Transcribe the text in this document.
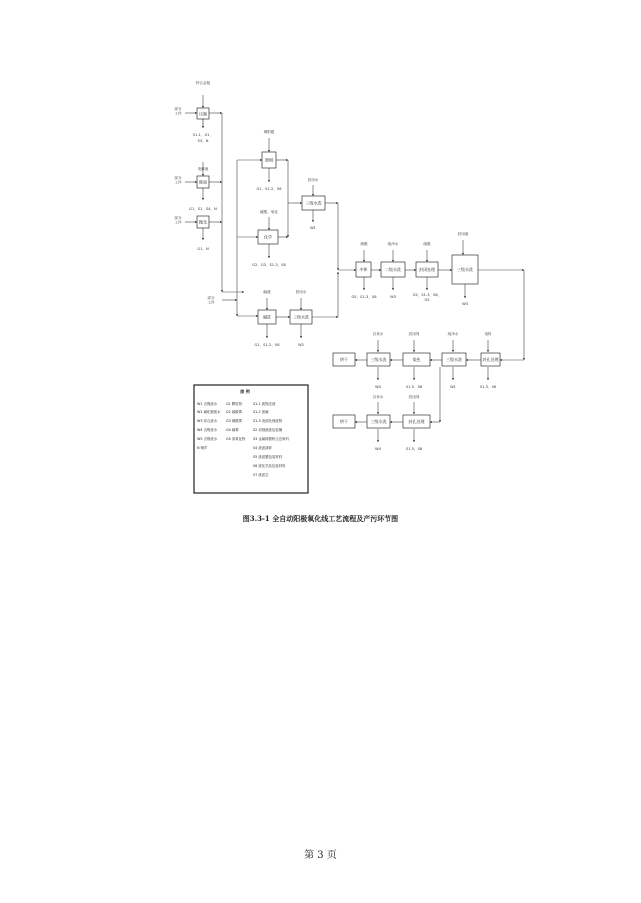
压制
除油
抛光
镀铜
化学
三级水洗
碱洗	三级水洗
中和	二级水洗	封闭处理	三级水洗
烘干	三级水洗	染色	三级水洗	封孔处理
烘干	三级水洗	封孔处理
锌合金板
部分工件
部分工件
部分工件
部分工件
S1-1、G1、 S3、N
G1、S1、S4、N
G1、N
电解液
铜阳极
硫酸、氧化
回用水
G1、S1-2、S6
G2、G3、S1-3、S6
W1
碱液	回用水
G1、S1-2、S6	W2
硝酸	纯净水	硫酸
封闭液
G5、S1-3、S6	W3	G2、S1-3、S6、 G5
W3
染料
自来水	封闭剂	纯净水
W4	S1-5、S6	W1	S1-5、S6
自来水	封闭剂
W4	S1-5、S6
图 例
W1 含镍废水
W2 碱化镀废水
W3 综合废水
W4 含铬废水
W5 含铬废水
N 噪声
G1 颗粒物
G2 硫酸雾
G3 硝酸雾
G4 碱雾
G5 氮氧化物
S1-1 废抛光液
S1-2 废碱
S1-3 表面处理废物
S2 切削液废包装桶
S3 金属研磨粉尘边角料
S4 废滤渣碎
S5 废滤膜包装材料
S6 废化学品包装材料
S7 废滤芯
图3.3-1 全自动阳极氧化线工艺流程及产污环节图
第 3 页
